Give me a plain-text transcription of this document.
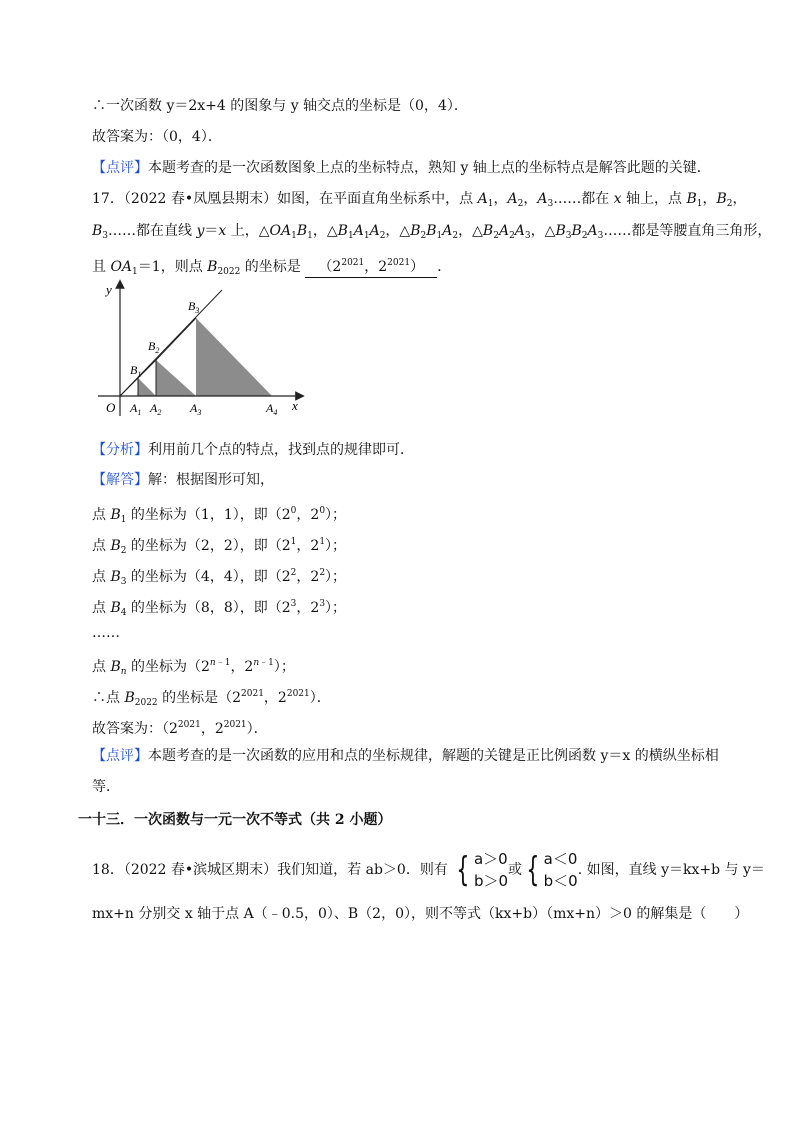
∴一次函数 y＝2x+4 的图象与 y 轴交点的坐标是（0，4）．
故答案为：（0，4）．
【点评】本题考查的是一次函数图象上点的坐标特点，熟知 y 轴上点的坐标特点是解答此题的关键．
17．（2022 春•凤凰县期末）如图，在平面直角坐标系中，点 $A_1$，$A_2$，$A_3\dots\dots$都在 x 轴上，点 $B_1$，$B_2$，
$B_3\dots\dots$都在直线 y＝x 上，$\triangle OA_1B_1$，$\triangle B_1A_1A_2$，$\triangle B_2B_1A_2$，$\triangle B_2A_2A_3$，$\triangle B_3B_2A_3\dots\dots$都是等腰直角三角形，
且 $OA_1=1$，则点 $B_{2022}$ 的坐标是 （$2^{2021}$，$2^{2021}$） ．
y
x
O
$B_1$
$B_2$
$B_3$
$A_1$ $A_2$ $A_3$	$A_4$
【分析】利用前几个点的特点，找到点的规律即可．
【解答】解：根据图形可知，
点 $B_1$ 的坐标为（1，1），即（$2^0$，$2^0$）；
点 $B_2$ 的坐标为（2，2），即（$2^1$，$2^1$）；
点 $B_3$ 的坐标为（4，4），即（$2^2$，$2^2$）；
点 $B_4$ 的坐标为（8，8），即（$2^3$，$2^3$）；
……
点 $B_n$ 的坐标为（$2^{n﹣1}$，$2^{n﹣1}$）；
∴点 $B_{2022}$ 的坐标是（$2^{2021}$，$2^{2021}$）．
故答案为：（$2^{2021}$，$2^{2021}$）．
【点评】本题考查的是一次函数的应用和点的坐标规律，解题的关键是正比例函数 y＝x 的横纵坐标相
等．
一十三．一次函数与一元一次不等式（共 2 小题）
18．（2022 春•滨城区期末）我们知道，若 ab＞0．则有 { a＞0
b＞0
或 { a＜0
b＜0
. 如图，直线 y＝kx+b 与 y＝
mx+n 分别交 x 轴于点 A（﹣0.5，0）、B（2，0），则不等式（kx+b）（mx+n）＞0 的解集是（　　）
